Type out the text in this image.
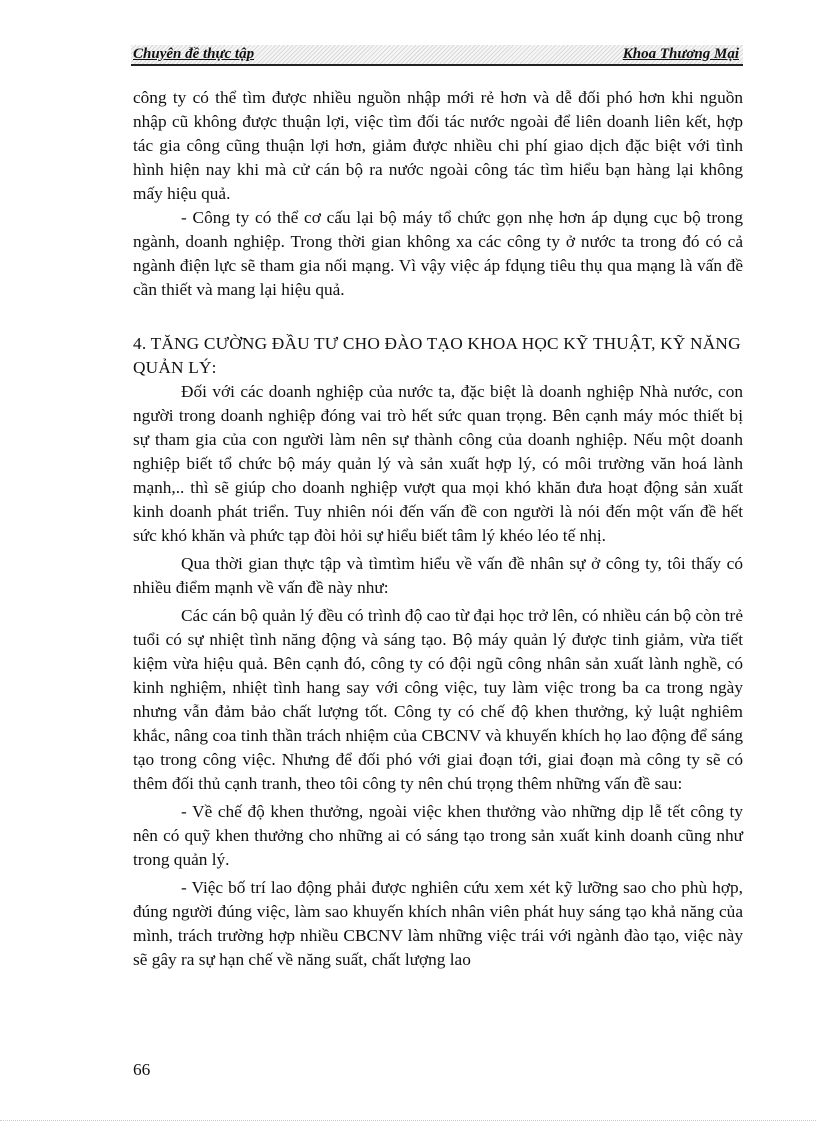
Chuyên đề thực tập	Khoa Thương Mại

công ty có thể tìm được nhiều nguồn nhập mới rẻ hơn và dễ đối phó hơn khi nguồn nhập cũ không được thuận lợi, việc tìm đối tác nước ngoài để liên doanh liên kết, hợp tác gia công cũng thuận lợi hơn, giảm được nhiều chi phí giao dịch đặc biệt với tình hình hiện nay khi mà cử cán bộ ra nước ngoài công tác tìm hiểu bạn hàng lại không mấy hiệu quả.

- Công ty có thể cơ cấu lại bộ máy tổ chức gọn nhẹ hơn áp dụng cục bộ trong ngành, doanh nghiệp. Trong thời gian không xa các công ty ở nước ta trong đó có cả ngành điện lực sẽ tham gia nối mạng. Vì vậy việc áp fdụng tiêu thụ qua mạng là vấn đề cần thiết và mang lại hiệu quả.

4. TĂNG CƯỜNG ĐẦU TƯ CHO ĐÀO TẠO KHOA HỌC KỸ THUẬT, KỸ NĂNG QUẢN LÝ:

Đối với các doanh nghiệp của nước ta, đặc biệt là doanh nghiệp Nhà nước, con người trong doanh nghiệp đóng vai trò hết sức quan trọng. Bên cạnh máy móc thiết bị sự tham gia của con người làm nên sự thành công của doanh nghiệp. Nếu một doanh nghiệp biết tổ chức bộ máy quản lý và sản xuất hợp lý, có môi trường văn hoá lành mạnh,.. thì sẽ giúp cho doanh nghiệp vượt qua mọi khó khăn đưa hoạt động sản xuất kinh doanh phát triển. Tuy nhiên nói đến vấn đề con người là nói đến một vấn đề hết sức khó khăn và phức tạp đòi hỏi sự hiểu biết tâm lý khéo léo tế nhị.

Qua thời gian thực tập và tìmtìm hiểu về vấn đề nhân sự ở công ty, tôi thấy có nhiều điểm mạnh về vấn đề này như:

Các cán bộ quản lý đều có trình độ cao từ đại học trở lên, có nhiều cán bộ còn trẻ tuổi có sự nhiệt tình năng động và sáng tạo. Bộ máy quản lý được tinh giảm, vừa tiết kiệm vừa hiệu quả. Bên cạnh đó, công ty có đội ngũ công nhân sản xuất lành nghề, có kinh nghiệm, nhiệt tình hang say với công việc, tuy làm việc trong ba ca trong ngày nhưng vẫn đảm bảo chất lượng tốt. Công ty có chế độ khen thưởng, kỷ luật nghiêm khắc, nâng coa tinh thần trách nhiệm của CBCNV và khuyến khích họ lao động để sáng tạo trong công việc. Nhưng để đối phó với giai đoạn tới, giai đoạn mà công ty sẽ có thêm đối thủ cạnh tranh, theo tôi công ty nên chú trọng thêm những vấn đề sau:

- Về chế độ khen thưởng, ngoài việc khen thưởng vào những dịp lễ tết công ty nên có quỹ khen thưởng cho những ai có sáng tạo trong sản xuất kinh doanh cũng như trong quản lý.

- Việc bố trí lao động phải được nghiên cứu xem xét kỹ lưỡng sao cho phù hợp, đúng người đúng việc, làm sao khuyến khích nhân viên phát huy sáng tạo khả năng của mình, trách trường hợp nhiều CBCNV làm những việc trái với ngành đào tạo, việc này sẽ gây ra sự hạn chế về năng suất, chất lượng lao

66
